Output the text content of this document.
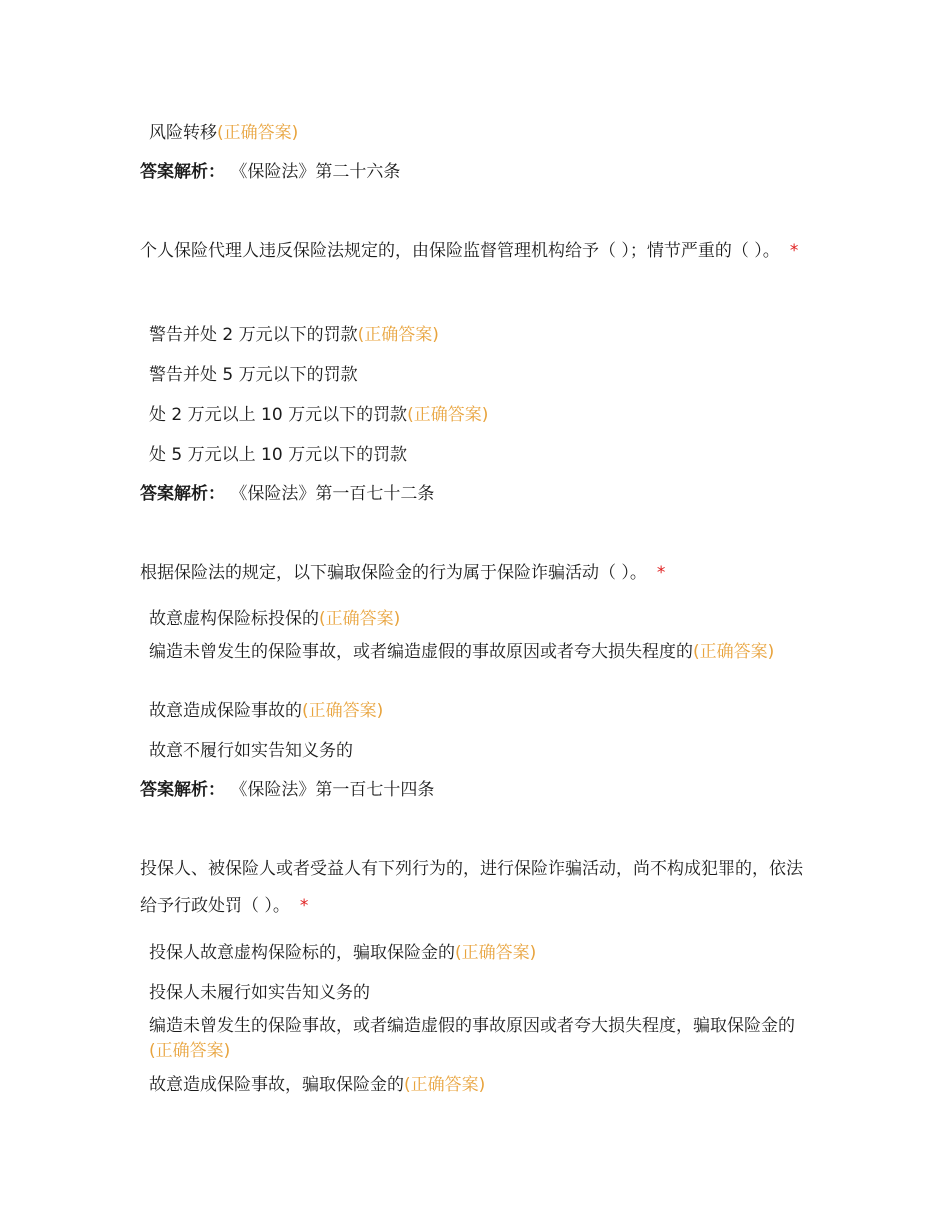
风险转移(正确答案)
答案解析： 《保险法》第二十六条
个人保险代理人违反保险法规定的，由保险监督管理机构给予（ ）；情节严重的（ ）。 *
警告并处 2 万元以下的罚款(正确答案)
警告并处 5 万元以下的罚款
处 2 万元以上 10 万元以下的罚款(正确答案)
处 5 万元以上 10 万元以下的罚款
答案解析： 《保险法》第一百七十二条
根据保险法的规定，以下骗取保险金的行为属于保险诈骗活动（ ）。 *
故意虚构保险标投保的(正确答案)
编造未曾发生的保险事故，或者编造虚假的事故原因或者夸大损失程度的(正确答案)
故意造成保险事故的(正确答案)
故意不履行如实告知义务的
答案解析： 《保险法》第一百七十四条
投保人、被保险人或者受益人有下列行为的，进行保险诈骗活动，尚不构成犯罪的，依法给予行政处罚（ ）。 *
投保人故意虚构保险标的，骗取保险金的(正确答案)
投保人未履行如实告知义务的
编造未曾发生的保险事故，或者编造虚假的事故原因或者夸大损失程度，骗取保险金的(正确答案)
故意造成保险事故，骗取保险金的(正确答案)
